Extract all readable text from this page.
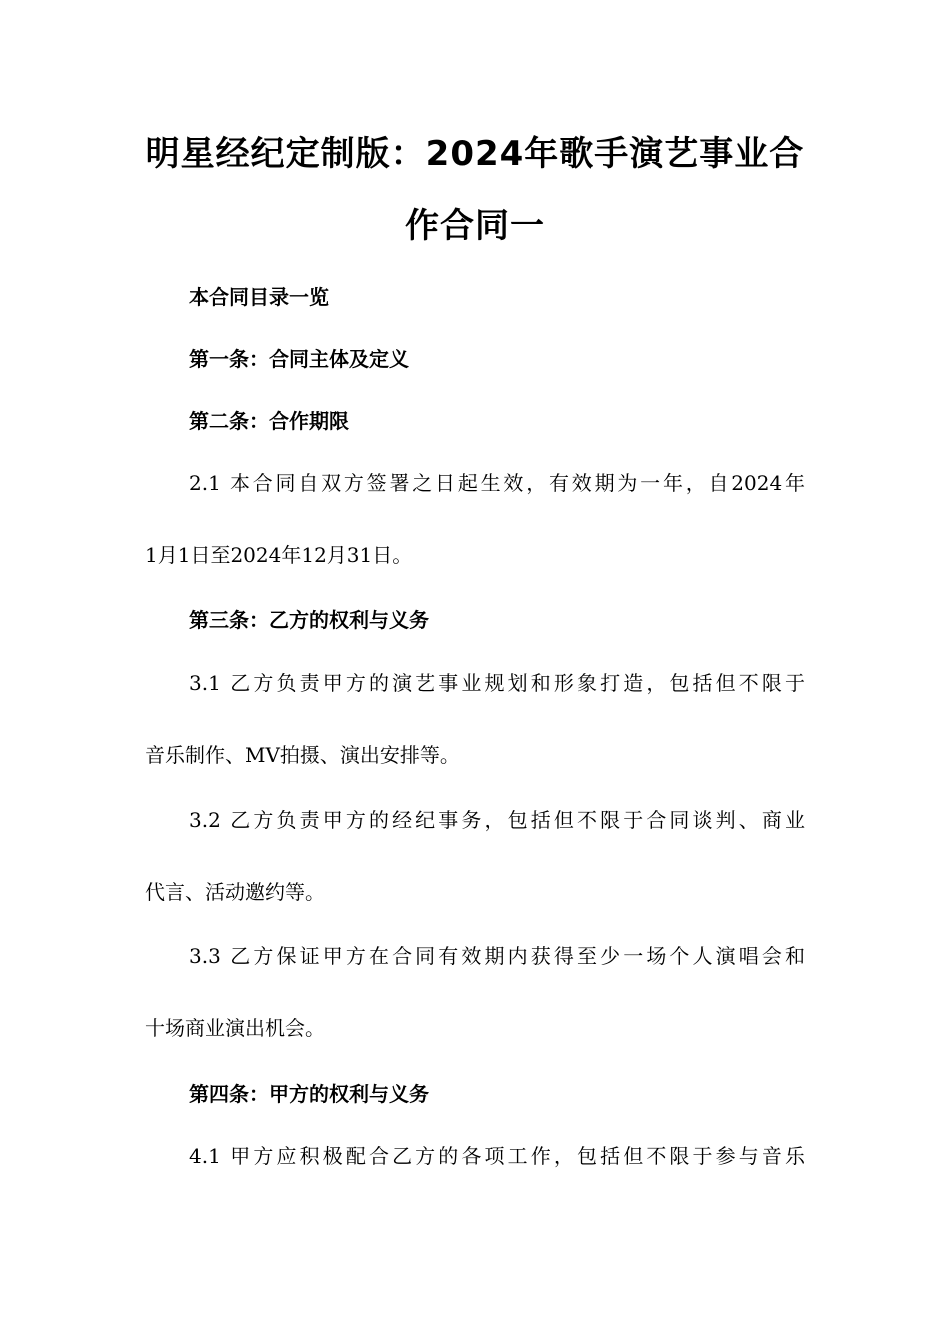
明星经纪定制版：2024年歌手演艺事业合
作合同一
本合同目录一览
第一条：合同主体及定义
第二条：合作期限
2.1 本合同自双方签署之日起生效，有效期为一年，自2024年
1月1日至2024年12月31日。
第三条：乙方的权利与义务
3.1 乙方负责甲方的演艺事业规划和形象打造，包括但不限于
音乐制作、MV拍摄、演出安排等。
3.2 乙方负责甲方的经纪事务，包括但不限于合同谈判、商业
代言、活动邀约等。
3.3 乙方保证甲方在合同有效期内获得至少一场个人演唱会和
十场商业演出机会。
第四条：甲方的权利与义务
4.1 甲方应积极配合乙方的各项工作，包括但不限于参与音乐
